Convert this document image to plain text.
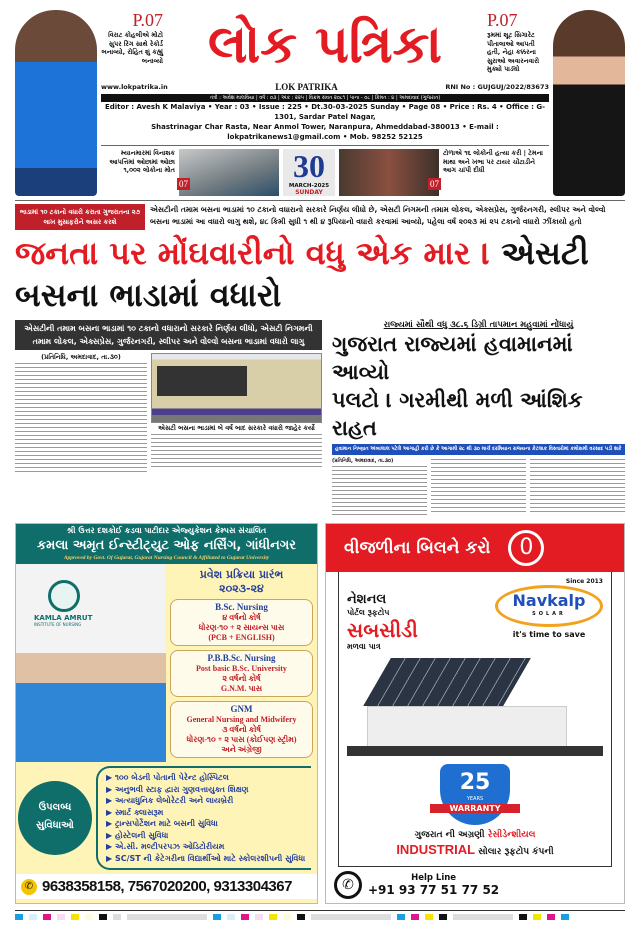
P.07
વિરાટ કોહલીએ મોટો સુપર રિંગ સાથે રેકોર્ડ બનાવ્યો, રોહિત શું કહ્યું બનાવ્યો લોક પત્રિકા	P.07
રૂમમાં શૂટ સિગારેટ પીતાલાઓ આપતી હતી, નેહા કક્કરના સુરાઓ અવારનવારો મુક્યો પાડ્યો
www.lokpatrika.in	LOK PATRIKA	RNI No : GUJGUJ/2022/83673
તંત્રી : અવેશ માલવિયા | વર્ષ : ૦૩ | અંક : ૨૨૫ | વિક્રમ સંવત ૨૦૮૧ | પાના - ૦૮ | કિંમત : ૪ | અમદાવાદ (ગુજરાત)
Editor : Avesh K Malaviya • Year : 03 • Issue : 225 • Dt.30-03-2025 Sunday • Page 08 • Price : Rs. 4 • Office : G-1301, Sardar Patel Nagar,
Shastrinagar Char Rasta, Near Anmol Tower, Naranpura, Ahmeddabad-380013 • E-mail : lokpatrikanews1@gmail.com • Mob. 98252 52125
મ્યાનમારમાં વિનાશક આપત્તિમાં ઓછામાં ઓછા ૧,૦૦૨ લોકોના મોત
07	30
MARCH-2025
SUNDAY
07
ટોળાએ ૧૬ લોકોની હત્યા કરી | ટેમના માથા અને ખભા પર ટાયર ચોંટાડીને આગ ચાંપી દીધી
ભાડામાં ૧૦ ટકાનો વધારો કરાતા ગુજરાતના ૨૭ લાખ મુસાફરોને અસર કરશે
એસટીની તમામ બસના ભાડામાં ૧૦ ટકાનો વધારાનો સરકારે નિર્ણય લીધો છે, એસટી નિગમની તમામ લોકલ, એક્સપ્રેસ, ગુર્જરનગરી, સ્લીપર અને વોલ્વો બસના ભાડામાં આ વધારો લાગુ થશે, ૪૮ કિમી સુધી ૧ થી ૪ રૂપિયાનો વધારો કરવામાં આવ્યો, પહેલા વર્ષ ૨૦૨૩ માં ૨૫ ટકાનો વધારો ઝીંકાયો હતો
જનતા પર મોંઘવારીનો વધુ એક માર । એસટી બસના ભાડામાં વધારો
એસટીની તમામ બસના ભાડામાં ૧૦ ટકાનો વધારાનો સરકારે નિર્ણય લીધો, એસટી નિગમની તમામ લોકલ, એક્સપ્રેસ, ગુર્જરનગરી, સ્લીપર અને વોલ્વો બસના ભાડામાં વધારો લાગુ
(પ્રતિનિધિ, અમદાવાદ, તા.૩૦)
એસટી બસના ભાડામાં બે વર્ષ બાદ સરકારે વધારો જાહેર કર્યો
રાજ્યમાં સૌથી વધુ ૩૮.૬ ડિગ્રી તાપમાન મહુવામાં નોંધાયું
ગુજરાત રાજ્યમાં હવામાનમાં આવ્યો
પલટો । ગરમીથી મળી આંશિક રાહત
હવામાન નિષ્ણાત અંબાલાલ પટેલે આગાહી કરી છે કે આગામી ૨૮ થી ૩૦ માર્ચ દરમિયાન રાજ્યના કેટલાક વિસ્તારોમાં કમોસમી વરસાદ પડી શકે
(પ્રતિનિધિ, અમદાવાદ, તા.૩૦)
શ્રી ઉત્તર દશકોઈ કડવા પાટીદાર એજ્યુકેશન કેમ્પસ સંચાલિત
કમલા અમૃત ઈન્સ્ટીટ્યુટ ઓફ નર્સિંગ, ગાંધીનગર
Approved by Govt. Of Gujarat, Gujarat Nursing Council & Affiliated to Gujarat University
KAMLA AMRUT
INSTITUTE OF NURSING
પ્રવેશ પ્રક્રિયા પ્રારંભ
૨૦૨૩-૨૪
B.Sc. Nursing
૪ વર્ષનો કોર્ષ
ધોરણ-૧૦ + ૨ સાયન્સ પાસ
(PCB + ENGLISH)
P.B.B.Sc. Nursing
Post basic B.Sc. University
૨ વર્ષનો કોર્ષ
G.N.M. પાસ
GNM
General Nursing and Midwifery
૩ વર્ષનો કોર્ષ
ધોરણ-૧૦ + ૨ પાસ (કોઈપણ સ્ટ્રીમ)
અને અંગ્રેજી
ઉપલબ્ધ સુવિધાઓ
▶ ૧૦૦ બેડની પોતાની પેરેન્ટ હોસ્પિટલ
▶ અનુભવી સ્ટાફ દ્વારા ગુણવત્તાયુક્ત શિક્ષણ
▶ અત્યાધુનિક લેબોરેટરી અને લાયબ્રેરી
▶ સ્માર્ટ ક્લાસરૂમ
▶ ટ્રાન્સપોર્ટેશન માટે બસની સુવિધા
▶ હોસ્ટેલની સુવિધા
▶ એ.સી. મલ્ટીપરપઝ ઓડિટોરીયમ
▶ SC/ST ની કેટેગરીના વિદ્યાર્થીઓ માટે સ્કોલરશીપની સુવિધા
✆ 9638358158, 7567020200, 9313304367
વીજળીના બિલને કરો	0
નેશનલ
પોર્ટલ રૂફટોપ
સબસીડી
મળવા પાત્ર
Since 2013
Navkalp
SOLAR
it's time to save
25
YEARS
WARRANTY
ગુજરાત ની અગ્રણી રેસીડેન્શીયલ
INDUSTRIAL સોલાર રૂફટોપ કંપની
✆	Help Line
+91 93 77 51 77 52
